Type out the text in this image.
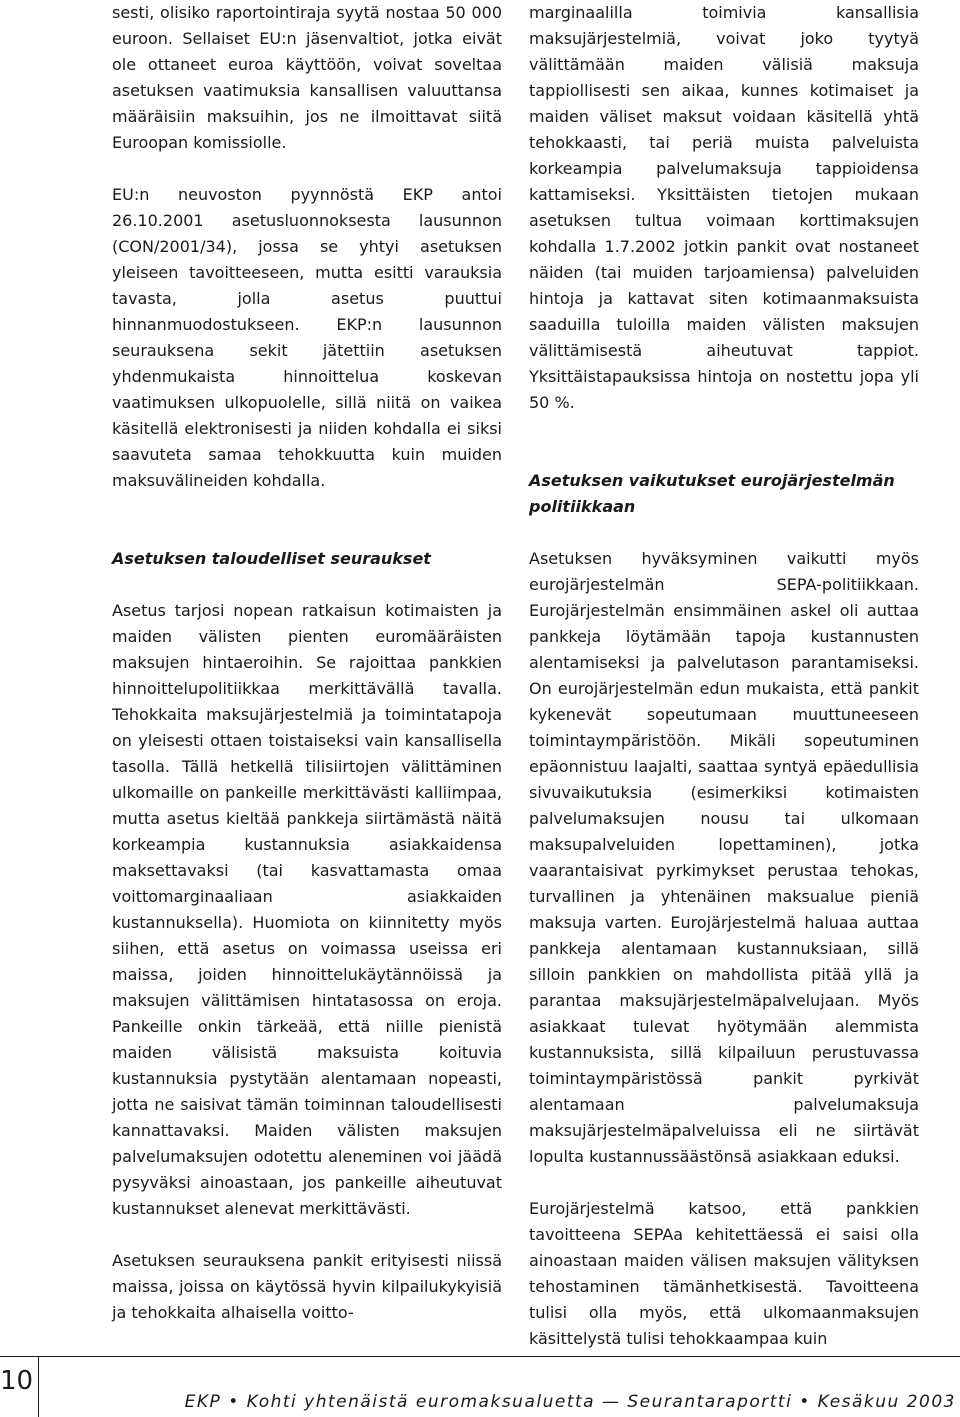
sesti, olisiko raportointiraja syytä nostaa 50 000 euroon. Sellaiset EU:n jäsenvaltiot, jotka eivät ole ottaneet euroa käyttöön, voivat soveltaa asetuksen vaatimuksia kansallisen valuuttansa määräisiin maksuihin, jos ne ilmoittavat siitä Euroopan komissiolle.

EU:n neuvoston pyynnöstä EKP antoi 26.10.2001 asetusluonnoksesta lausunnon (CON/2001/34), jossa se yhtyi asetuksen yleiseen tavoitteeseen, mutta esitti varauksia tavasta, jolla asetus puuttui hinnanmuodostukseen. EKP:n lausunnon seurauksena sekit jätettiin asetuksen yhdenmukaista hinnoittelua koskevan vaatimuksen ulkopuolelle, sillä niitä on vaikea käsitellä elektronisesti ja niiden kohdalla ei siksi saavuteta samaa tehokkuutta kuin muiden maksuvälineiden kohdalla.

Asetuksen taloudelliset seuraukset

Asetus tarjosi nopean ratkaisun kotimaisten ja maiden välisten pienten euromääräisten maksujen hintaeroihin. Se rajoittaa pankkien hinnoittelupolitiikkaa merkittävällä tavalla. Tehokkaita maksujärjestelmiä ja toimintatapoja on yleisesti ottaen toistaiseksi vain kansallisella tasolla. Tällä hetkellä tilisiirtojen välittäminen ulkomaille on pankeille merkittävästi kalliimpaa, mutta asetus kieltää pankkeja siirtämästä näitä korkeampia kustannuksia asiakkaidensa maksettavaksi (tai kasvattamasta omaa voittomarginaaliaan asiakkaiden kustannuksella). Huomiota on kiinnitetty myös siihen, että asetus on voimassa useissa eri maissa, joiden hinnoittelukäytännöissä ja maksujen välittämisen hintatasossa on eroja. Pankeille onkin tärkeää, että niille pienistä maiden välisistä maksuista koituvia kustannuksia pystytään alentamaan nopeasti, jotta ne saisivat tämän toiminnan taloudellisesti kannattavaksi. Maiden välisten maksujen palvelumaksujen odotettu aleneminen voi jäädä pysyväksi ainoastaan, jos pankeille aiheutuvat kustannukset alenevat merkittävästi.

Asetuksen seurauksena pankit erityisesti niissä maissa, joissa on käytössä hyvin kilpailukykyisiä ja tehokkaita alhaisella voitto-

marginaalilla toimivia kansallisia maksujärjestelmiä, voivat joko tyytyä välittämään maiden välisiä maksuja tappiollisesti sen aikaa, kunnes kotimaiset ja maiden väliset maksut voidaan käsitellä yhtä tehokkaasti, tai periä muista palveluista korkeampia palvelumaksuja tappioidensa kattamiseksi. Yksittäisten tietojen mukaan asetuksen tultua voimaan korttimaksujen kohdalla 1.7.2002 jotkin pankit ovat nostaneet näiden (tai muiden tarjoamiensa) palveluiden hintoja ja kattavat siten kotimaanmaksuista saaduilla tuloilla maiden välisten maksujen välittämisestä aiheutuvat tappiot. Yksittäistapauksissa hintoja on nostettu jopa yli 50 %.

Asetuksen vaikutukset eurojärjestelmän politiikkaan

Asetuksen hyväksyminen vaikutti myös eurojärjestelmän SEPA-politiikkaan. Eurojärjestelmän ensimmäinen askel oli auttaa pankkeja löytämään tapoja kustannusten alentamiseksi ja palvelutason parantamiseksi. On eurojärjestelmän edun mukaista, että pankit kykenevät sopeutumaan muuttuneeseen toimintaympäristöön. Mikäli sopeutuminen epäonnistuu laajalti, saattaa syntyä epäedullisia sivuvaikutuksia (esimerkiksi kotimaisten palvelumaksujen nousu tai ulkomaan maksupalveluiden lopettaminen), jotka vaarantaisivat pyrkimykset perustaa tehokas, turvallinen ja yhtenäinen maksualue pieniä maksuja varten. Eurojärjestelmä haluaa auttaa pankkeja alentamaan kustannuksiaan, sillä silloin pankkien on mahdollista pitää yllä ja parantaa maksujärjestelmäpalvelujaan. Myös asiakkaat tulevat hyötymään alemmista kustannuksista, sillä kilpailuun perustuvassa toimintaympäristössä pankit pyrkivät alentamaan palvelumaksuja maksujärjestelmäpalveluissa eli ne siirtävät lopulta kustannussäästönsä asiakkaan eduksi.

Eurojärjestelmä katsoo, että pankkien tavoitteena SEPAa kehitettäessä ei saisi olla ainoastaan maiden välisen maksujen välityksen tehostaminen tämänhetkisestä. Tavoitteena tulisi olla myös, että ulkomaanmaksujen käsittelystä tulisi tehokkaampaa kuin

10
EKP • Kohti yhtenäistä euromaksualuetta — Seurantaraportti • Kesäkuu 2003
